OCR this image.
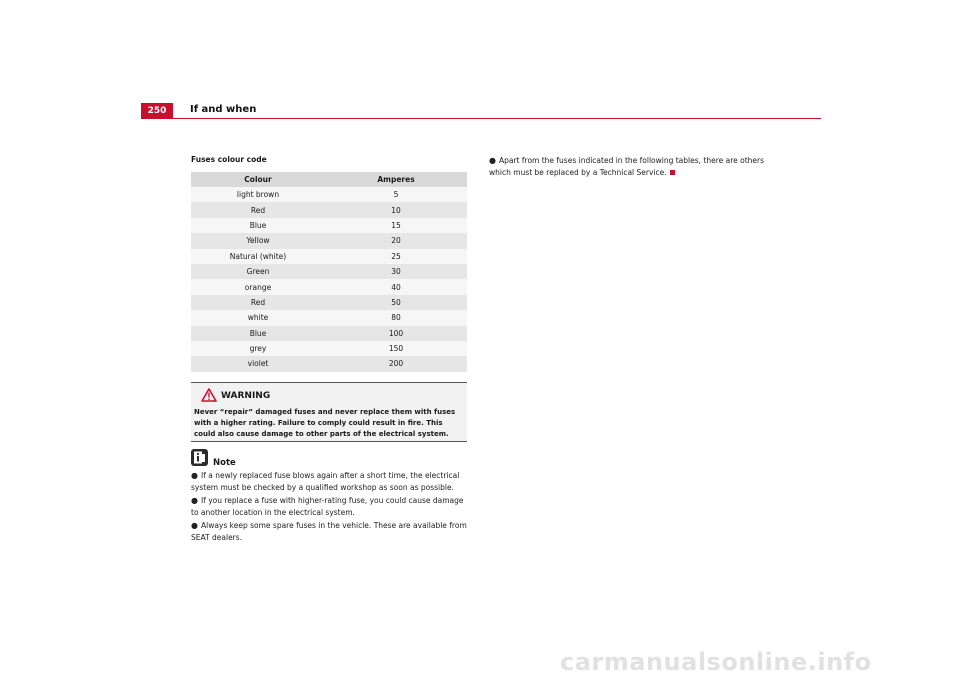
250	If and when
Fuses colour code
Colour	Amperes
light brown	5
Red	10
Blue	15
Yellow	20
Natural (white)	25
Green	30
orange	40
Red	50
white	80
Blue	100
grey	150
violet	200
WARNING
Never “repair” damaged fuses and never replace them with fuses with a higher rating. Failure to comply could result in fire. This could also cause damage to other parts of the electrical system.
Note
● If a newly replaced fuse blows again after a short time, the electrical system must be checked by a qualified workshop as soon as possible.
● If you replace a fuse with higher-rating fuse, you could cause damage to another location in the electrical system.
● Always keep some spare fuses in the vehicle. These are available from SEAT dealers.
● Apart from the fuses indicated in the following tables, there are others which must be replaced by a Technical Service.
carmanualsonline.info
